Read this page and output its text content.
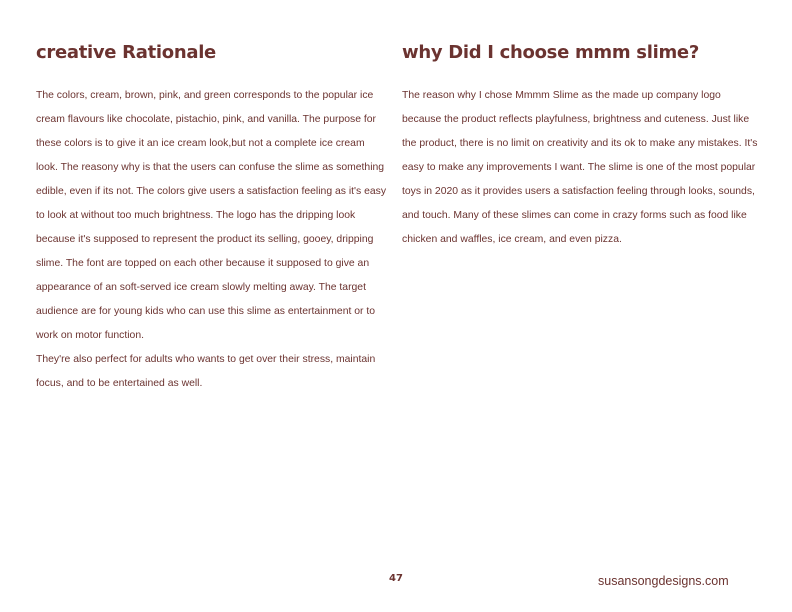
creative Rationale

The colors, cream, brown, pink, and green corresponds to the popular ice cream flavours like chocolate, pistachio, pink, and vanilla. The purpose for these colors is to give it an ice cream look,but not a complete ice cream look. The reasony why is that the users can confuse the slime as something edible, even if its not. The colors give users a satisfaction feeling as it's easy to look at without too much brightness. The logo has the dripping look because it's supposed to represent the product its selling, gooey, dripping slime. The font are topped on each other because it supposed to give an appearance of an soft-served ice cream slowly melting away. The target audience are for young kids who can use this slime as entertainment or to work on motor function.

They're also perfect for adults who wants to get over their stress, maintain focus, and to be entertained as well.

why Did I choose mmm slime?

The reason why I chose Mmmm Slime as the made up company logo because the product reflects playfulness, brightness and cuteness. Just like the product, there is no limit on creativity and its ok to make any mistakes. It's easy to make any improvements I want. The slime is one of the most popular toys in 2020 as it provides users a satisfaction feeling through looks, sounds, and touch. Many of these slimes can come in crazy forms such as food like chicken and waffles, ice cream, and even pizza.

47	susansongdesigns.com
